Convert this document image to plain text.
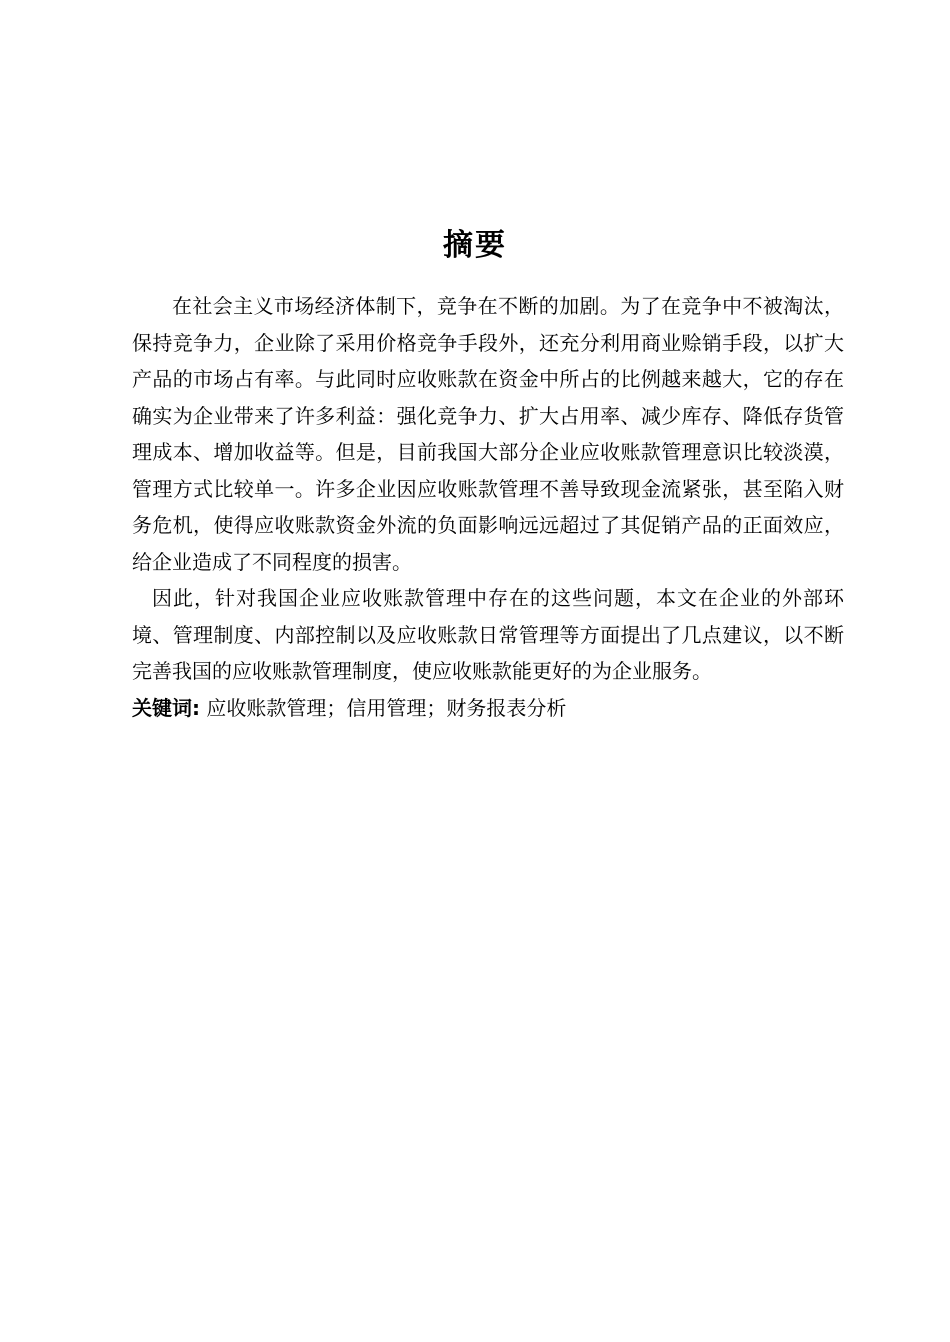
摘要

在社会主义市场经济体制下，竞争在不断的加剧。为了在竞争中不被淘汰，保持竞争力，企业除了采用价格竞争手段外，还充分利用商业赊销手段，以扩大产品的市场占有率。与此同时应收账款在资金中所占的比例越来越大，它的存在确实为企业带来了许多利益：强化竞争力、扩大占用率、减少库存、降低存货管理成本、增加收益等。但是，目前我国大部分企业应收账款管理意识比较淡漠，管理方式比较单一。许多企业因应收账款管理不善导致现金流紧张，甚至陷入财务危机，使得应收账款资金外流的负面影响远远超过了其促销产品的正面效应，给企业造成了不同程度的损害。

因此，针对我国企业应收账款管理中存在的这些问题，本文在企业的外部环境、管理制度、内部控制以及应收账款日常管理等方面提出了几点建议，以不断完善我国的应收账款管理制度，使应收账款能更好的为企业服务。

关键词: 应收账款管理；信用管理；财务报表分析
